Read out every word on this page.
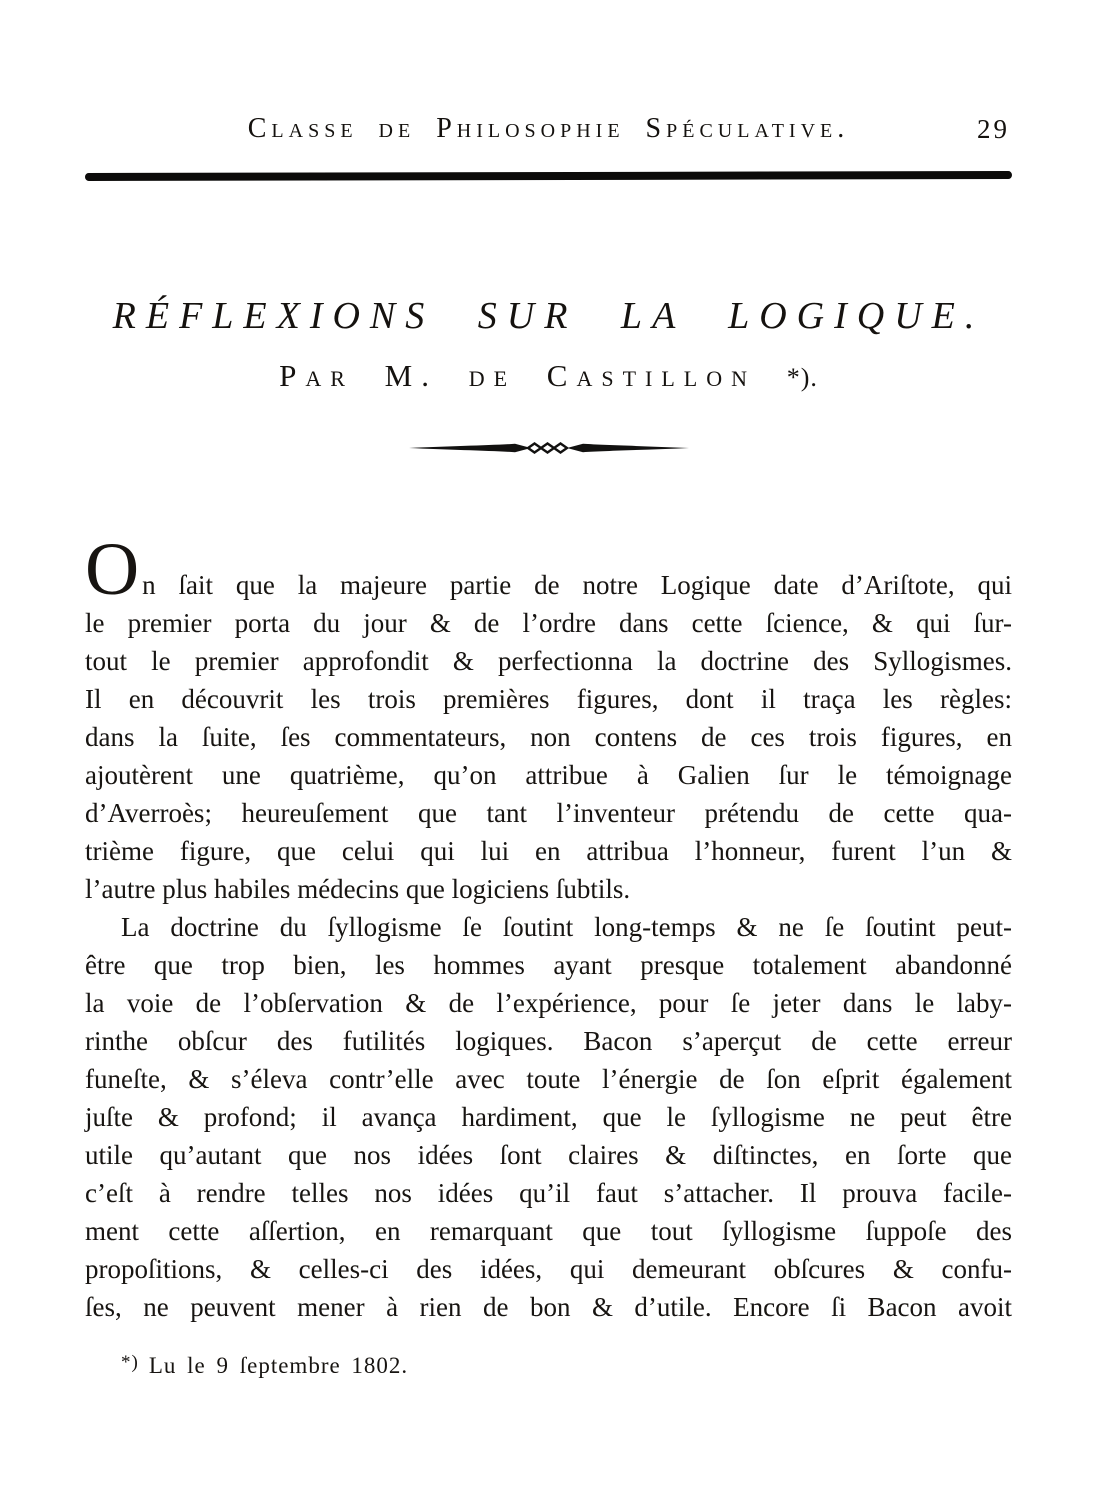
Classe de Philosophie Spéculative.	29
RÉFLEXIONS SUR LA LOGIQUE.
Par M. de Castillon *).
On ſait que la majeure partie de notre Logique date d’Ariſtote, qui
le premier porta du jour & de l’ordre dans cette ſcience, & qui ſur-
tout le premier approfondit & perfectionna la doctrine des Syllogismes.
Il en découvrit les trois premières figures, dont il traça les règles:
dans la ſuite, ſes commentateurs, non contens de ces trois figures, en
ajoutèrent une quatrième, qu’on attribue à Galien ſur le témoignage
d’Averroès; heureuſement que tant l’inventeur prétendu de cette qua-
trième figure, que celui qui lui en attribua l’honneur, furent l’un &
l’autre plus habiles médecins que logiciens ſubtils.
La doctrine du ſyllogisme ſe ſoutint long-temps & ne ſe ſoutint peut-
être que trop bien, les hommes ayant presque totalement abandonné
la voie de l’obſervation & de l’expérience, pour ſe jeter dans le laby-
rinthe obſcur des futilités logiques. Bacon s’aperçut de cette erreur
funeſte, & s’éleva contr’elle avec toute l’énergie de ſon eſprit également
juſte & profond; il avança hardiment, que le ſyllogisme ne peut être
utile qu’autant que nos idées ſont claires & diſtinctes, en ſorte que
c’eſt à rendre telles nos idées qu’il faut s’attacher. Il prouva facile-
ment cette aſſertion, en remarquant que tout ſyllogisme ſuppoſe des
propoſitions, & celles-ci des idées, qui demeurant obſcures & confu-
ſes, ne peuvent mener à rien de bon & d’utile. Encore ſi Bacon avoit
*) Lu le 9 ſeptembre 1802.
